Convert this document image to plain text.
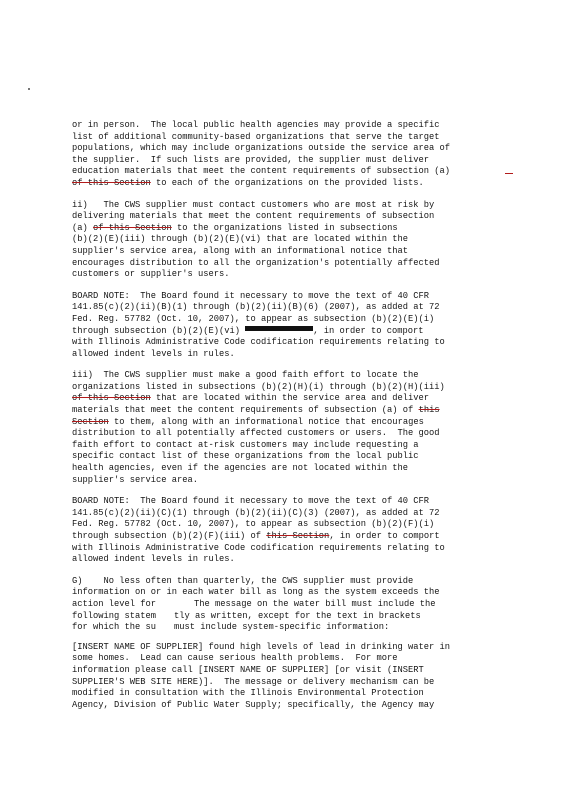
or in person.  The local public health agencies may provide a specific
list of additional community-based organizations that serve the target
populations, which may include organizations outside the service area of
the supplier.  If such lists are provided, the supplier must deliver
education materials that meet the content requirements of subsection (a)
of this Section to each of the organizations on the provided lists.

ii)   The CWS supplier must contact customers who are most at risk by
delivering materials that meet the content requirements of subsection
(a) of this Section to the organizations listed in subsections
(b)(2)(E)(iii) through (b)(2)(E)(vi) that are located within the
supplier's service area, along with an informational notice that
encourages distribution to all the organization's potentially affected
customers or supplier's users.

BOARD NOTE:  The Board found it necessary to move the text of 40 CFR
141.85(c)(2)(ii)(B)(1) through (b)(2)(ii)(B)(6) (2007), as added at 72
Fed. Reg. 57782 (Oct. 10, 2007), to appear as subsection (b)(2)(E)(i)
through subsection (b)(2)(E)(vi)	, in order to comport
with Illinois Administrative Code codification requirements relating to
allowed indent levels in rules.

iii)  The CWS supplier must make a good faith effort to locate the
organizations listed in subsections (b)(2)(H)(i) through (b)(2)(H)(iii)
of this Section that are located within the service area and deliver
materials that meet the content requirements of subsection (a) of this
Section to them, along with an informational notice that encourages
distribution to all potentially affected customers or users.  The good
faith effort to contact at-risk customers may include requesting a
specific contact list of these organizations from the local public
health agencies, even if the agencies are not located within the
supplier's service area.

BOARD NOTE:  The Board found it necessary to move the text of 40 CFR
141.85(c)(2)(ii)(C)(1) through (b)(2)(ii)(C)(3) (2007), as added at 72
Fed. Reg. 57782 (Oct. 10, 2007), to appear as subsection (b)(2)(F)(i)
through subsection (b)(2)(F)(iii) of this Section, in order to comport
with Illinois Administrative Code codification requirements relating to
allowed indent levels in rules.

G)    No less often than quarterly, the CWS supplier must provide
information on or in each water bill as long as the system exceeds the
action level for	The message on the water bill must include the
following statem tly as written, except for the text in brackets
for which the su must include system-specific information:

[INSERT NAME OF SUPPLIER] found high levels of lead in drinking water in
some homes.  Lead can cause serious health problems.  For more
information please call [INSERT NAME OF SUPPLIER] [or visit (INSERT
SUPPLIER'S WEB SITE HERE)].  The message or delivery mechanism can be
modified in consultation with the Illinois Environmental Protection
Agency, Division of Public Water Supply; specifically, the Agency may
